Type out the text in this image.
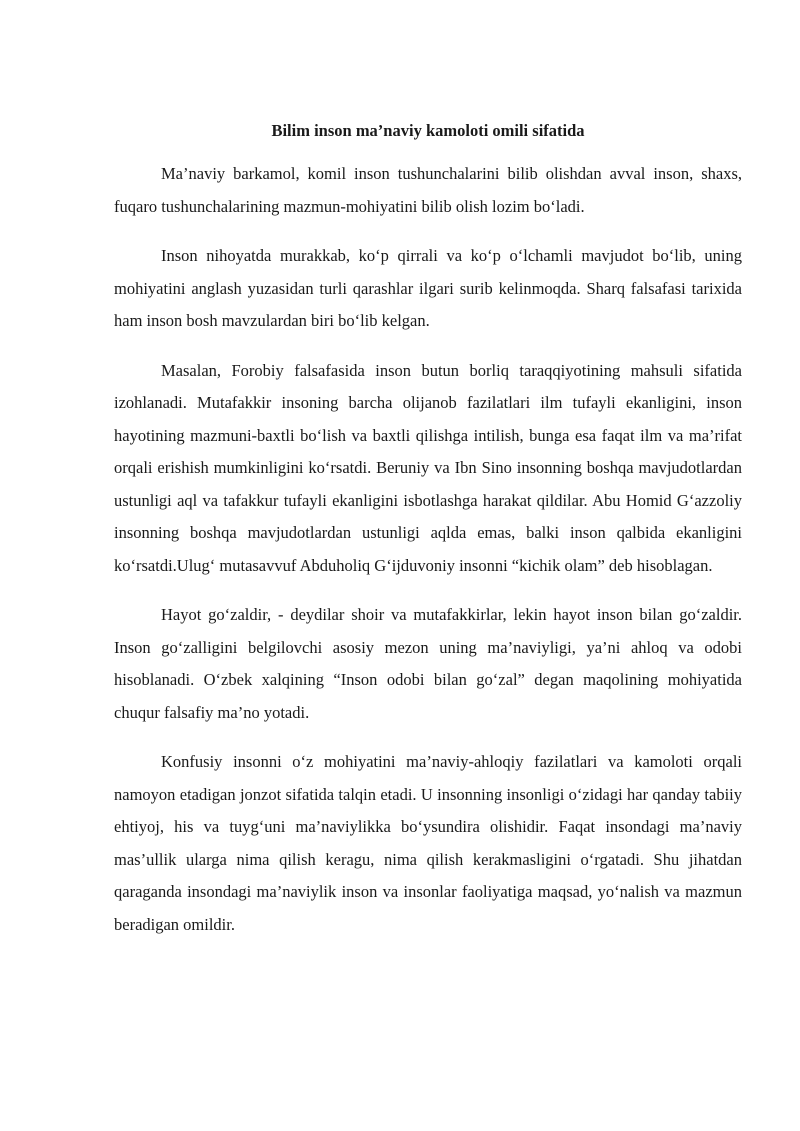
Bilim inson ma’naviy kamoloti omili sifatida

Ma’naviy barkamol, komil inson tushunchalarini bilib olishdan avval inson, shaxs, fuqaro tushunchalarining mazmun-mohiyatini bilib olish lozim bo‘ladi.

Inson nihoyatda murakkab, ko‘p qirrali va ko‘p o‘lchamli mavjudot bo‘lib, uning mohiyatini anglash yuzasidan turli qarashlar ilgari surib kelinmoqda. Sharq falsafasi tarixida ham inson bosh mavzulardan biri bo‘lib kelgan.

Masalan, Forobiy falsafasida inson butun borliq taraqqiyotining mahsuli sifatida izohlanadi. Mutafakkir insoning barcha olijanob fazilatlari ilm tufayli ekanligini, inson hayotining mazmuni-baxtli bo‘lish va baxtli qilishga intilish, bunga esa faqat ilm va ma’rifat orqali erishish mumkinligini ko‘rsatdi. Beruniy va Ibn Sino insonning boshqa mavjudotlardan ustunligi aql va tafakkur tufayli ekanligini isbotlashga harakat qildilar. Abu Homid G‘azzoliy insonning boshqa mavjudotlardan ustunligi aqlda emas, balki inson qalbida ekanligini ko‘rsatdi.Ulug‘ mutasavvuf Abduholiq G‘ijduvoniy insonni “kichik olam” deb hisoblagan.

Hayot go‘zaldir, - deydilar shoir va mutafakkirlar, lekin hayot inson bilan go‘zaldir. Inson go‘zalligini belgilovchi asosiy mezon uning ma’naviyligi, ya’ni ahloq va odobi hisoblanadi. O‘zbek xalqining “Inson odobi bilan go‘zal” degan maqolining mohiyatida chuqur falsafiy ma’no yotadi.

Konfusiy insonni o‘z mohiyatini ma’naviy-ahloqiy fazilatlari va kamoloti orqali namoyon etadigan jonzot sifatida talqin etadi. U insonning insonligi o‘zidagi har qanday tabiiy ehtiyoj, his va tuyg‘uni ma’naviylikka bo‘ysundira olishidir. Faqat insondagi ma’naviy mas’ullik ularga nima qilish keragu, nima qilish kerakmasligini o‘rgatadi. Shu jihatdan qaraganda insondagi ma’naviylik inson va insonlar faoliyatiga maqsad, yo‘nalish va mazmun beradigan omildir.
